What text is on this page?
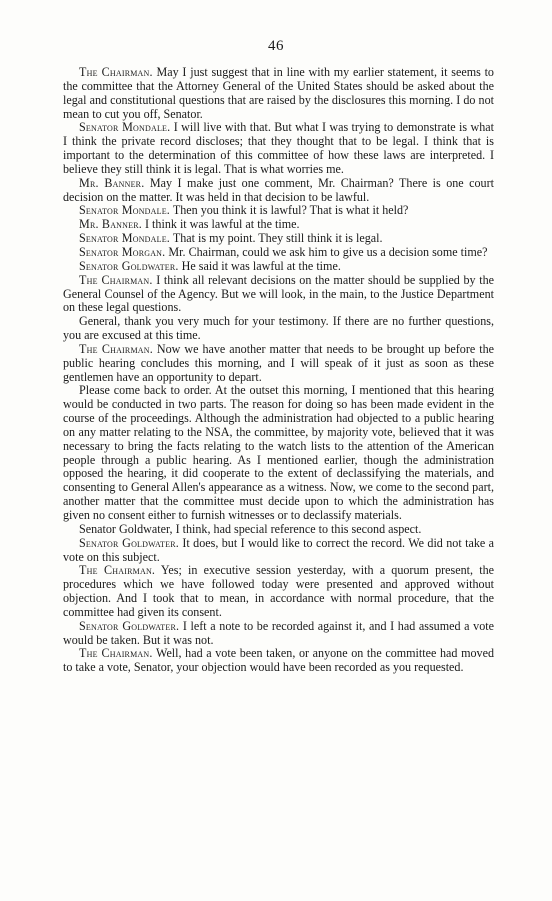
46

The Chairman. May I just suggest that in line with my earlier statement, it seems to the committee that the Attorney General of the United States should be asked about the legal and constitutional questions that are raised by the disclosures this morning. I do not mean to cut you off, Senator.

Senator Mondale. I will live with that. But what I was trying to demonstrate is what I think the private record discloses; that they thought that to be legal. I think that is important to the determination of this committee of how these laws are interpreted. I believe they still think it is legal. That is what worries me.

Mr. Banner. May I make just one comment, Mr. Chairman? There is one court decision on the matter. It was held in that decision to be lawful.

Senator Mondale. Then you think it is lawful? That is what it held?

Mr. Banner. I think it was lawful at the time.

Senator Mondale. That is my point. They still think it is legal.

Senator Morgan. Mr. Chairman, could we ask him to give us a decision some time?

Senator Goldwater. He said it was lawful at the time.

The Chairman. I think all relevant decisions on the matter should be supplied by the General Counsel of the Agency. But we will look, in the main, to the Justice Department on these legal questions.

General, thank you very much for your testimony. If there are no further questions, you are excused at this time.

The Chairman. Now we have another matter that needs to be brought up before the public hearing concludes this morning, and I will speak of it just as soon as these gentlemen have an opportunity to depart.

Please come back to order. At the outset this morning, I mentioned that this hearing would be conducted in two parts. The reason for doing so has been made evident in the course of the proceedings. Although the administration had objected to a public hearing on any matter relating to the NSA, the committee, by majority vote, believed that it was necessary to bring the facts relating to the watch lists to the attention of the American people through a public hearing. As I mentioned earlier, though the administration opposed the hearing, it did cooperate to the extent of declassifying the materials, and consenting to General Allen's appearance as a witness. Now, we come to the second part, another matter that the committee must decide upon to which the administration has given no consent either to furnish witnesses or to declassify materials.

Senator Goldwater, I think, had special reference to this second aspect.

Senator Goldwater. It does, but I would like to correct the record. We did not take a vote on this subject.

The Chairman. Yes; in executive session yesterday, with a quorum present, the procedures which we have followed today were presented and approved without objection. And I took that to mean, in accordance with normal procedure, that the committee had given its consent.

Senator Goldwater. I left a note to be recorded against it, and I had assumed a vote would be taken. But it was not.

The Chairman. Well, had a vote been taken, or anyone on the committee had moved to take a vote, Senator, your objection would have been recorded as you requested.
